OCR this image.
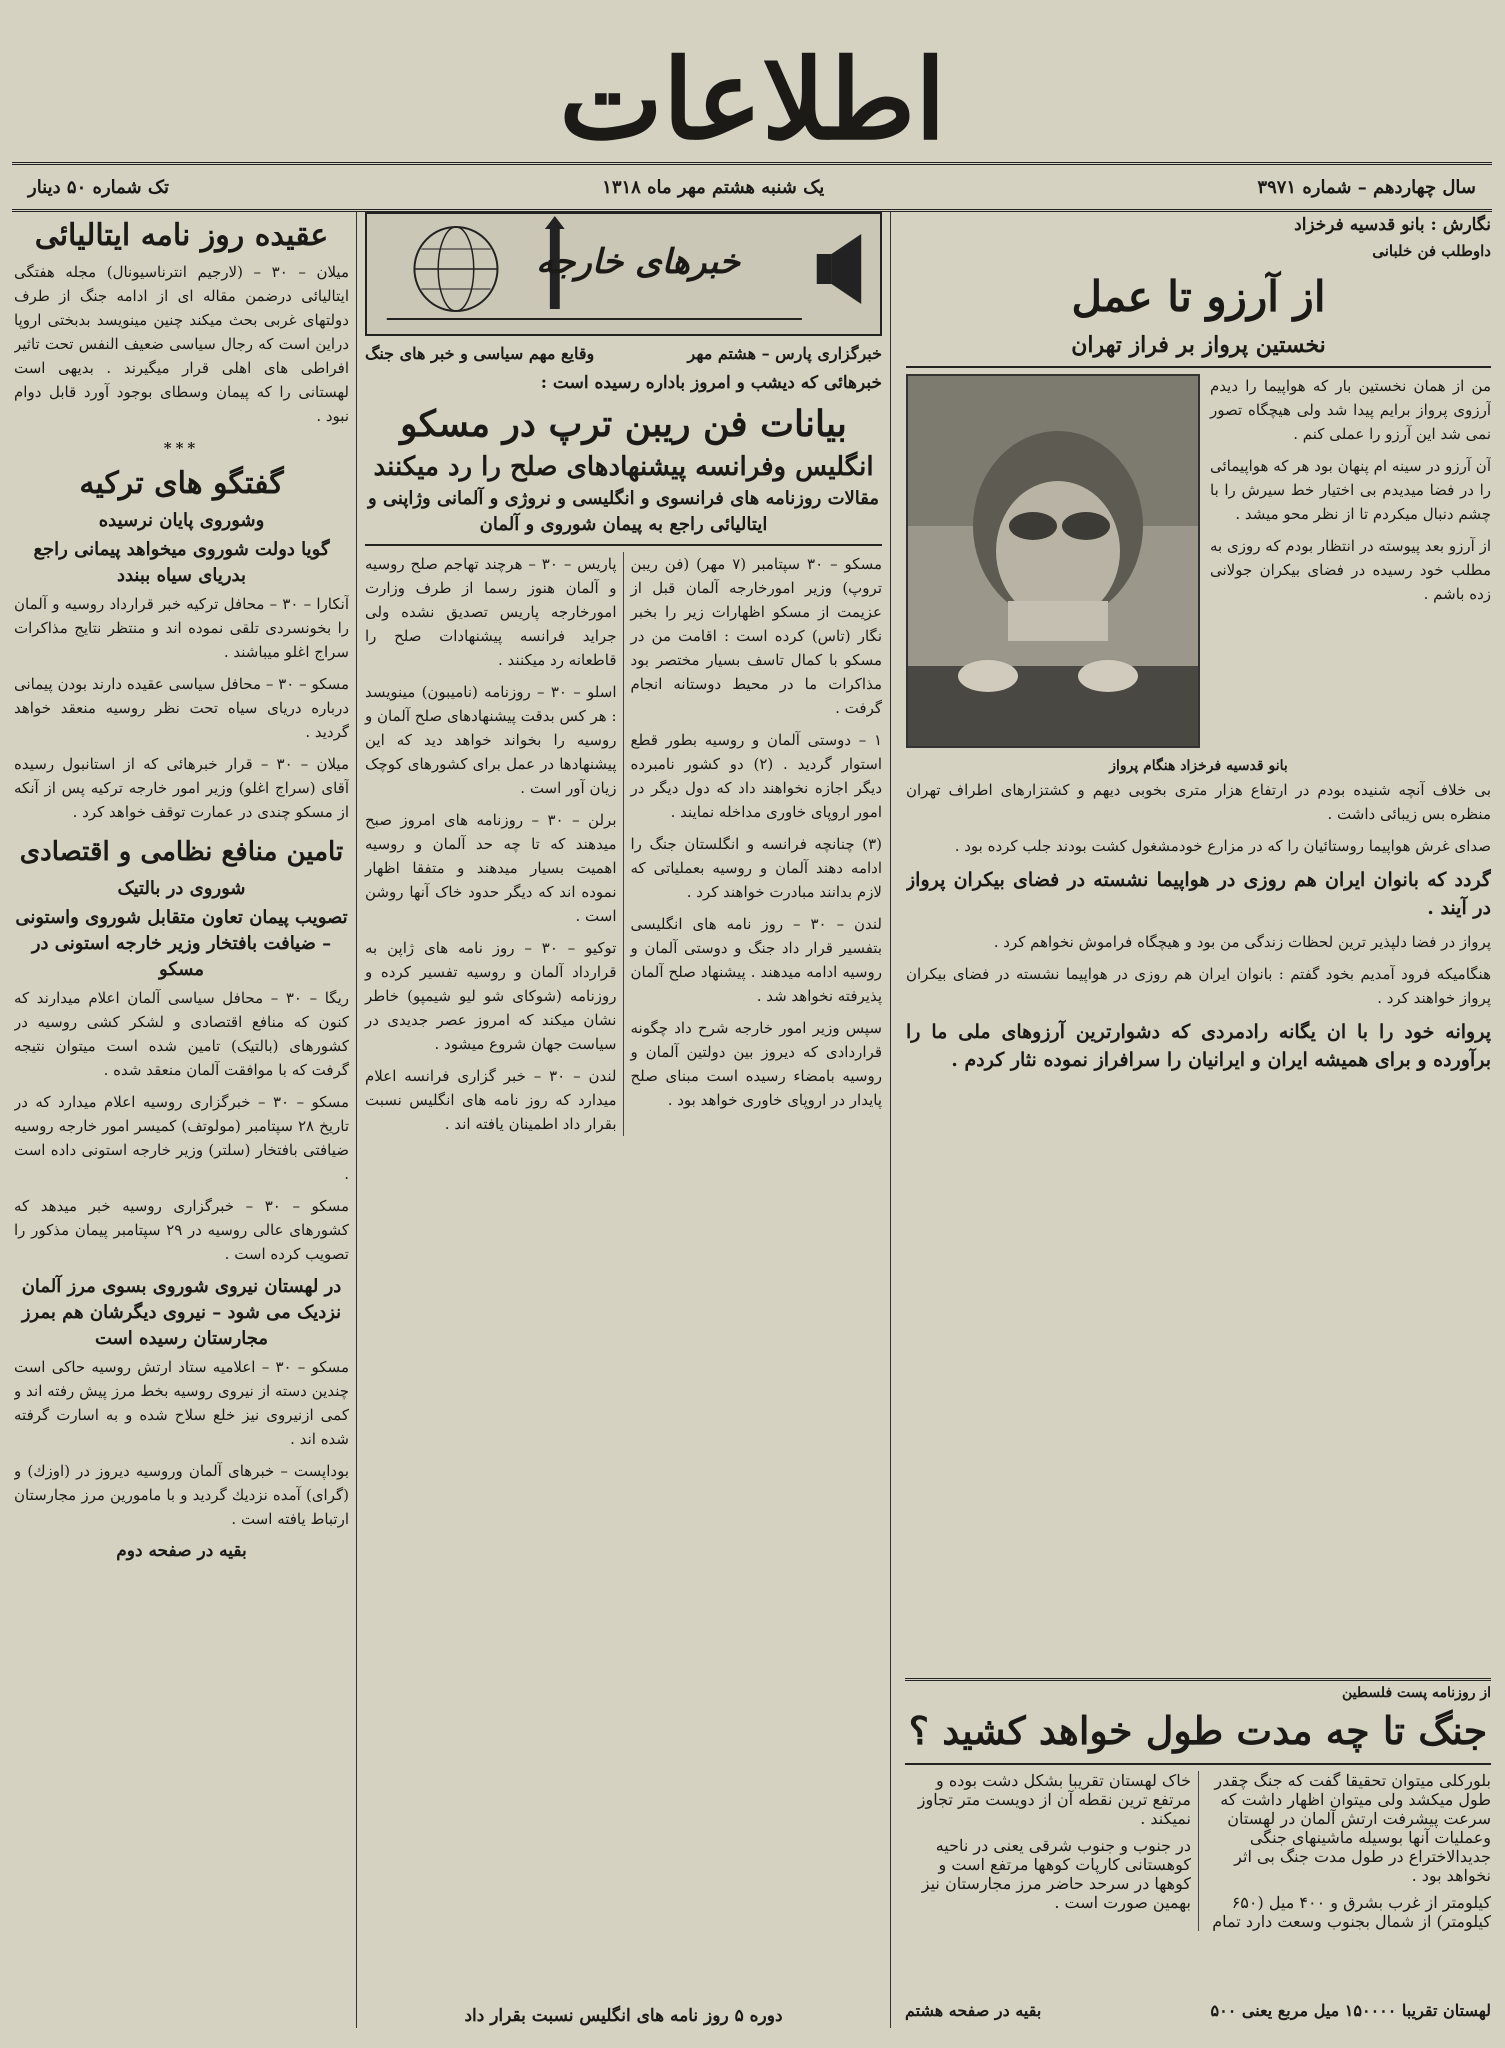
اطلاعات
سال چهاردهم – شماره ۳۹۷۱
یک شنبه هشتم مهر ماه ۱۳۱۸
تک شماره ۵۰ دینار
نگارش : بانو قدسیه فرخزاد
داوطلب فن خلبانی
از آرزو تا عمل
نخستین پرواز بر فراز تهران

من از همان نخستین بار که هواپیما را دیدم آرزوی پرواز برایم پیدا شد ولی هیچگاه تصور نمی شد این آرزو را عملی کنم .

آن آرزو در سینه ام پنهان بود هر که هواپیمائی را در فضا میدیدم بی اختیار خط سیرش را با چشم دنبال میکردم تا از نظر محو میشد .

از آرزو بعد پیوسته در انتظار بودم که روزی به مطلب خود رسیده در فضای بیکران جولانی زده باشم .

بانو قدسیه فرخزاد هنگام پرواز

بی خلاف آنچه شنیده بودم در ارتفاع هزار متری بخوبی دیهم و کشتزارهای اطراف تهران منظره بس زیبائی داشت .

صدای غرش هواپیما روستائیان را که در مزارع خودمشغول کشت بودند جلب کرده بود .

گردد که بانوان ایران هم روزی در هواپیما نشسته در فضای بیکران پرواز در آیند .

پرواز در فضا دلپذیر ترین لحظات زندگی من بود و هیچگاه فراموش نخواهم کرد .

هنگامیکه فرود آمدیم بخود گفتم : بانوان ایران هم روزی در هواپیما نشسته در فضای بیکران پرواز خواهند کرد .

پروانه خود را با ان یگانه رادمردی که دشوارترین آرزوهای ملی ما را برآورده و برای همیشه ایران و ایرانیان را سرافراز نموده نثار کردم .

از روزنامه پست فلسطین
جنگ تا چه مدت طول خواهد کشید ؟

بلورکلی میتوان تحقیقا گفت که جنگ چقدر طول میکشد ولی میتوان اظهار داشت که سرعت پیشرفت ارتش آلمان در لهستان وعملیات آنها بوسیله ماشینهای جنگی جدیدالاختراع در طول مدت جنگ بی اثر نخواهد بود .

کیلومتر از غرب بشرق و ۴۰۰ میل (۶۵۰ کیلومتر) از شمال بجنوب وسعت دارد تمام خاک لهستان تقریبا بشکل دشت بوده و مرتفع ترین نقطه آن از دویست متر تجاوز نمیکند .

در جنوب و جنوب شرقی یعنی در ناحیه کوهستانی کارپات کوهها مرتفع است و کوهها در سرحد حاضر مرز مجارستان نیز بهمین صورت است .

لهستان تقریبا ۱۵۰۰۰۰ میل مربع یعنی ۵۰۰
بقیه در صفحه هشتم
خبرهای خارجه
خبرگزاری پارس – هشتم مهر
وقایع مهم سیاسی و خبر های جنگ
خبرهائی که دیشب و امروز باداره رسیده است :
بیانات فن ریبن ترپ در مسکو
انگلیس وفرانسه پیشنهادهای صلح را رد میکنند
مقالات روزنامه های فرانسوی و انگلیسی و نروژی و آلمانی وژاپنی و ایتالیائی راجع به پیمان شوروی و آلمان

مسکو – ۳۰ سپتامبر (۷ مهر) (فن ریبن تروپ) وزیر امورخارجه آلمان قبل از عزیمت از مسکو اظهارات زیر را بخبر نگار (تاس) کرده است : اقامت من در مسکو با کمال تاسف بسیار مختصر بود مذاکرات ما در محیط دوستانه انجام گرفت .

۱ – دوستی آلمان و روسیه بطور قطع استوار گردید . (۲) دو کشور نامبرده دیگر اجازه نخواهند داد که دول دیگر در امور اروپای خاوری مداخله نمایند .

(۳) چنانچه فرانسه و انگلستان جنگ را ادامه دهند آلمان و روسیه بعملیاتی که لازم بدانند مبادرت خواهند کرد .

لندن – ۳۰ – روز نامه های انگلیسی بتفسیر قرار داد جنگ و دوستی آلمان و روسیه ادامه میدهند . پیشنهاد صلح آلمان پذیرفته نخواهد شد .

سپس وزیر امور خارجه شرح داد چگونه قراردادی که دیروز بین دولتین آلمان و روسیه بامضاء رسیده است مبنای صلح پایدار در اروپای خاوری خواهد بود .

پاریس – ۳۰ – هرچند تهاجم صلح روسیه و آلمان هنوز رسما از طرف وزارت امورخارجه پاریس تصدیق نشده ولی جراید فرانسه پیشنهادات صلح را قاطعانه رد میکنند .

اسلو – ۳۰ – روزنامه (نامیبون) مینویسد : هر کس بدقت پیشنهادهای صلح آلمان و روسیه را بخواند خواهد دید که این پیشنهادها در عمل برای کشورهای کوچک زیان آور است .

برلن – ۳۰ – روزنامه های امروز صبح میدهند که تا چه حد آلمان و روسیه اهمیت بسیار میدهند و متفقا اظهار نموده اند که دیگر حدود خاک آنها روشن است .

توکیو – ۳۰ – روز نامه های ژاپن به قرارداد آلمان و روسیه تفسیر کرده و روزنامه (شوکای شو لیو شیمپو) خاطر نشان میکند که امروز عصر جدیدی در سیاست جهان شروع میشود .

لندن – ۳۰ – خبر گزاری فرانسه اعلام میدارد که روز نامه های انگلیس نسبت بقرار داد اطمینان یافته اند .

دوره ۵ روز نامه های انگلیس نسبت بقرار داد
عقیده روز نامه ایتالیائی

میلان – ۳۰ – (لارجیم انترناسیونال) مجله هفتگی ایتالیائی درضمن مقاله ای از ادامه جنگ از طرف دولتهای غربی بحث میکند چنین مینویسد بدبختی اروپا دراین است که رجال سیاسی ضعیف النفس تحت تاثیر افراطی های اهلی قرار میگیرند . بدیهی است لهستانی را که پیمان وسطای بوجود آورد قابل دوام نبود .

***
گفتگو های ترکیه
وشوروی پایان نرسیده
گویا دولت شوروی میخواهد پیمانی راجع بدریای سیاه ببندد

آنکارا – ۳۰ – محافل ترکیه خبر قرارداد روسیه و آلمان را بخونسردی تلقی نموده اند و منتظر نتایج مذاکرات سراج اغلو میباشند .

مسکو – ۳۰ – محافل سیاسی عقیده دارند بودن پیمانی درباره دریای سیاه تحت نظر روسیه منعقد خواهد گردید .

میلان – ۳۰ – قرار خبرهائی که از استانبول رسیده آقای (سراج اغلو) وزیر امور خارجه ترکیه پس از آنکه از مسکو چندی در عمارت توقف خواهد کرد .

تامین منافع نظامی و اقتصادی
شوروی در بالتیک
تصویب پیمان تعاون متقابل شوروی واستونی – ضیافت بافتخار وزیر خارجه استونی در مسکو

ریگا – ۳۰ – محافل سیاسی آلمان اعلام میدارند که کنون که منافع اقتصادی و لشکر کشی روسیه در کشورهای (بالتیک) تامین شده است میتوان نتیجه گرفت که با موافقت آلمان منعقد شده .

مسکو – ۳۰ – خبرگزاری روسیه اعلام میدارد که در تاریخ ۲۸ سپتامبر (مولوتف) کمیسر امور خارجه روسیه ضیافتی بافتخار (سلتر) وزیر خارجه استونی داده است .

مسکو – ۳۰ – خبرگزاری روسیه خبر میدهد که کشورهای عالی روسیه در ۲۹ سپتامبر پیمان مذکور را تصویب کرده است .

در لهستان نیروی شوروی بسوی مرز آلمان نزدیک می شود – نیروی دیگرشان هم بمرز مجارستان رسیده است

مسکو – ۳۰ – اعلامیه ستاد ارتش روسیه حاکی است چندین دسته از نیروی روسیه بخط مرز پیش رفته اند و کمی ازنیروی نیز خلع سلاح شده و به اسارت گرفته شده اند .

بوداپست – خبرهای آلمان وروسیه دیروز در (اوزك) و (گرای) آمده نزدیك گردید و با مامورین مرز مجارستان ارتباط یافته است .

بقیه در صفحه دوم
